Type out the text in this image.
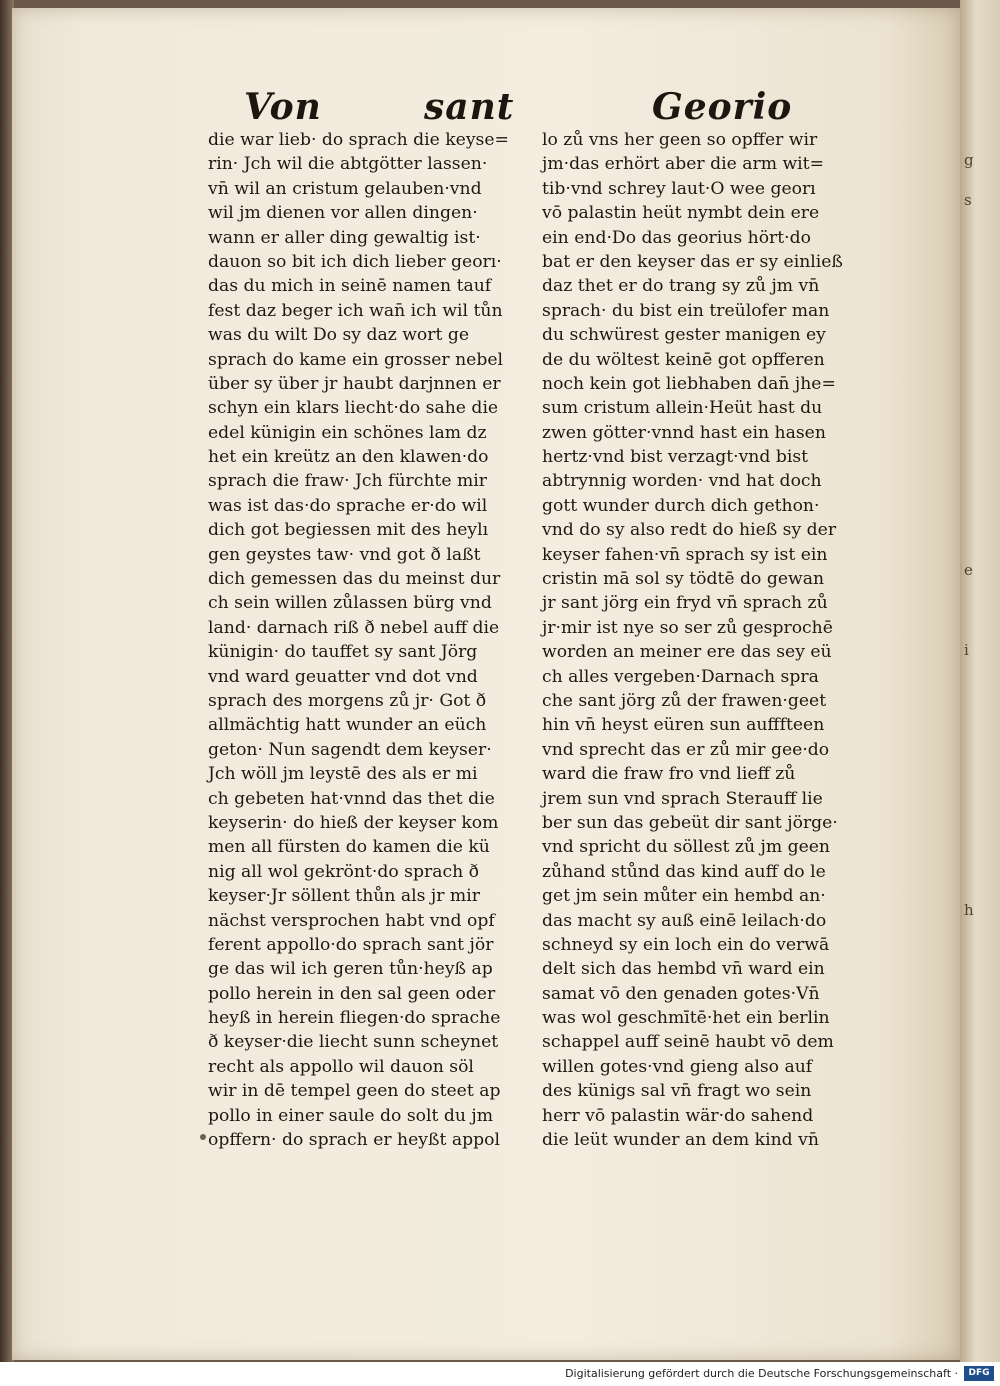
Von	sant	Georio
die war lieb· do sprach die keyse=
rin· Jch wil die abtgötter lassen·
vn̄ wil an cristum gelauben·vnd
wil jm dienen vor allen dingen·
wann er aller ding gewaltig ist·
dauon so bit ich dich lieber georı·
das du mich in seinē namen tauf
fest daz beger ich wan̄ ich wil tůn
was du wilt Do sy daz wort ge
sprach do kame ein grosser nebel
über sy über jr haubt darjnnen er
schyn ein klars liecht·do sahe die
edel künigin ein schönes lam dz
het ein kreütz an den klawen·do
sprach die fraw· Jch fürchte mir
was ist das·do sprache er·do wil
dich got begiessen mit des heylı
gen geystes taw· vnd got ð laßt
dich gemessen das du meinst dur
ch sein willen zůlassen bürg vnd
land· darnach riß ð nebel auff die
künigin· do tauffet sy sant Jörg
vnd ward geuatter vnd dot vnd
sprach des morgens zů jr· Got ð
allmächtig hatt wunder an eüch
geton· Nun sagendt dem keyser·
Jch wöll jm leystē des als er mi
ch gebeten hat·vnnd das thet die
keyserin· do hieß der keyser kom
men all fürsten do kamen die kü
nig all wol gekrönt·do sprach ð
keyser·Jr söllent thůn als jr mir
nächst versprochen habt vnd opf
ferent appollo·do sprach sant jör
ge das wil ich geren tůn·heyß ap
pollo herein in den sal geen oder
heyß in herein fliegen·do sprache
ð keyser·die liecht sunn scheynet
recht als appollo wil dauon söl
wir in dē tempel geen do steet ap
pollo in einer saule do solt du jm
opffern· do sprach er heyßt appol
lo zů vns her geen so opffer wir
jm·das erhört aber die arm wit=
tib·vnd schrey laut·O wee georı
vō palastin heüt nymbt dein ere
ein end·Do das georius hört·do
bat er den keyser das er sy einließ
daz thet er do trang sy zů jm vn̄
sprach· du bist ein treülofer man
du schwürest gester manigen ey
de du wöltest keinē got opfferen
noch kein got liebhaben dan̄ jhe=
sum cristum allein·Heüt hast du
zwen götter·vnnd hast ein hasen
hertz·vnd bist verzagt·vnd bist
abtrynnig worden· vnd hat doch
gott wunder durch dich gethon·
vnd do sy also redt do hieß sy der
keyser fahen·vn̄ sprach sy ist ein
cristin mā sol sy tödtē do gewan
jr sant jörg ein fryd vn̄ sprach zů
jr·mir ist nye so ser zů gesprochē
worden an meiner ere das sey eü
ch alles vergeben·Darnach spra
che sant jörg zů der frawen·geet
hin vn̄ heyst eüren sun aufffteen
vnd sprecht das er zů mir gee·do
ward die fraw fro vnd lieff zů
jrem sun vnd sprach Sterauff lie
ber sun das gebeüt dir sant jörge·
vnd spricht du söllest zů jm geen
zůhand stůnd das kind auff do le
get jm sein můter ein hembd an·
das macht sy auß einē leilach·do
schneyd sy ein loch ein do verwā
delt sich das hembd vn̄ ward ein
samat vō den genaden gotes·Vn̄
was wol geschmītē·het ein berlin
schappel auff seinē haubt vō dem
willen gotes·vnd gieng also auf
des künigs sal vn̄ fragt wo sein
herr vō palastin wär·do sahend
die leüt wunder an dem kind vn̄
g
s
e
i
h
Digitalisierung gefördert durch die Deutsche Forschungsgemeinschaft ·	DFG
